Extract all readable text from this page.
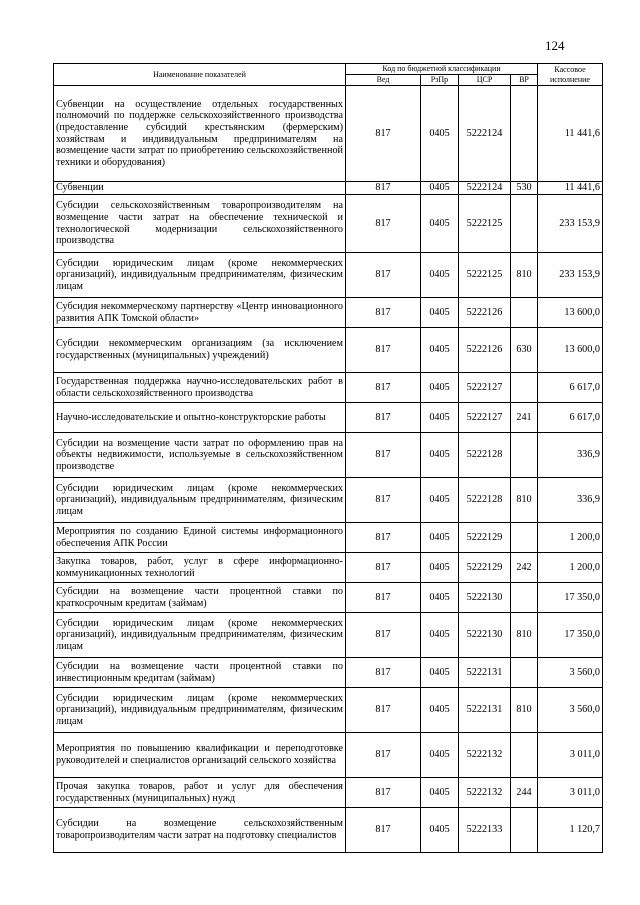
124
Наименование показателей	Код по бюджетной классификации				Кассовое исполнение
	Вед	РзПр	ЦСР	ВР	
Субвенции на осуществление отдельных государственных полномочий по поддержке сельскохозяйственного производства (предоставление субсидий крестьянским (фермерским) хозяйствам и индивидуальным предпринимателям на возмещение части затрат по приобретению сельскохозяйственной техники и оборудования)	817	0405	5222124		11 441,6
Субвенции	817	0405	5222124	530	11 441,6
Субсидии сельскохозяйственным товаропроизводителям на возмещение части затрат на обеспечение технической и технологической модернизации сельскохозяйственного производства	817	0405	5222125		233 153,9
Субсидии юридическим лицам (кроме некоммерческих организаций), индивидуальным предпринимателям, физическим лицам	817	0405	5222125	810	233 153,9
Субсидия некоммерческому партнерству «Центр инновационного развития АПК Томской области»	817	0405	5222126		13 600,0
Субсидии некоммерческим организациям (за исключением государственных (муниципальных) учреждений)	817	0405	5222126	630	13 600,0
Государственная поддержка научно-исследовательских работ в области сельскохозяйственного производства	817	0405	5222127		6 617,0
Научно-исследовательские и опытно-конструкторские работы	817	0405	5222127	241	6 617,0
Субсидии на возмещение части затрат по оформлению прав на объекты недвижимости, используемые в сельскохозяйственном производстве	817	0405	5222128		336,9
Субсидии юридическим лицам (кроме некоммерческих организаций), индивидуальным предпринимателям, физическим лицам	817	0405	5222128	810	336,9
Мероприятия по созданию Единой системы информационного обеспечения АПК России	817	0405	5222129		1 200,0
Закупка товаров, работ, услуг в сфере информационно-коммуникационных технологий	817	0405	5222129	242	1 200,0
Субсидии на возмещение части процентной ставки по краткосрочным кредитам (займам)	817	0405	5222130		17 350,0
Субсидии юридическим лицам (кроме некоммерческих организаций), индивидуальным предпринимателям, физическим лицам	817	0405	5222130	810	17 350,0
Субсидии на возмещение части процентной ставки по инвестиционным кредитам (займам)	817	0405	5222131		3 560,0
Субсидии юридическим лицам (кроме некоммерческих организаций), индивидуальным предпринимателям, физическим лицам	817	0405	5222131	810	3 560,0
Мероприятия по повышению квалификации и переподготовке руководителей и специалистов организаций сельского хозяйства	817	0405	5222132		3 011,0
Прочая закупка товаров, работ и услуг для обеспечения государственных (муниципальных) нужд	817	0405	5222132	244	3 011,0
Субсидии на возмещение сельскохозяйственным товаропроизводителям части затрат на подготовку специалистов	817	0405	5222133		1 120,7
